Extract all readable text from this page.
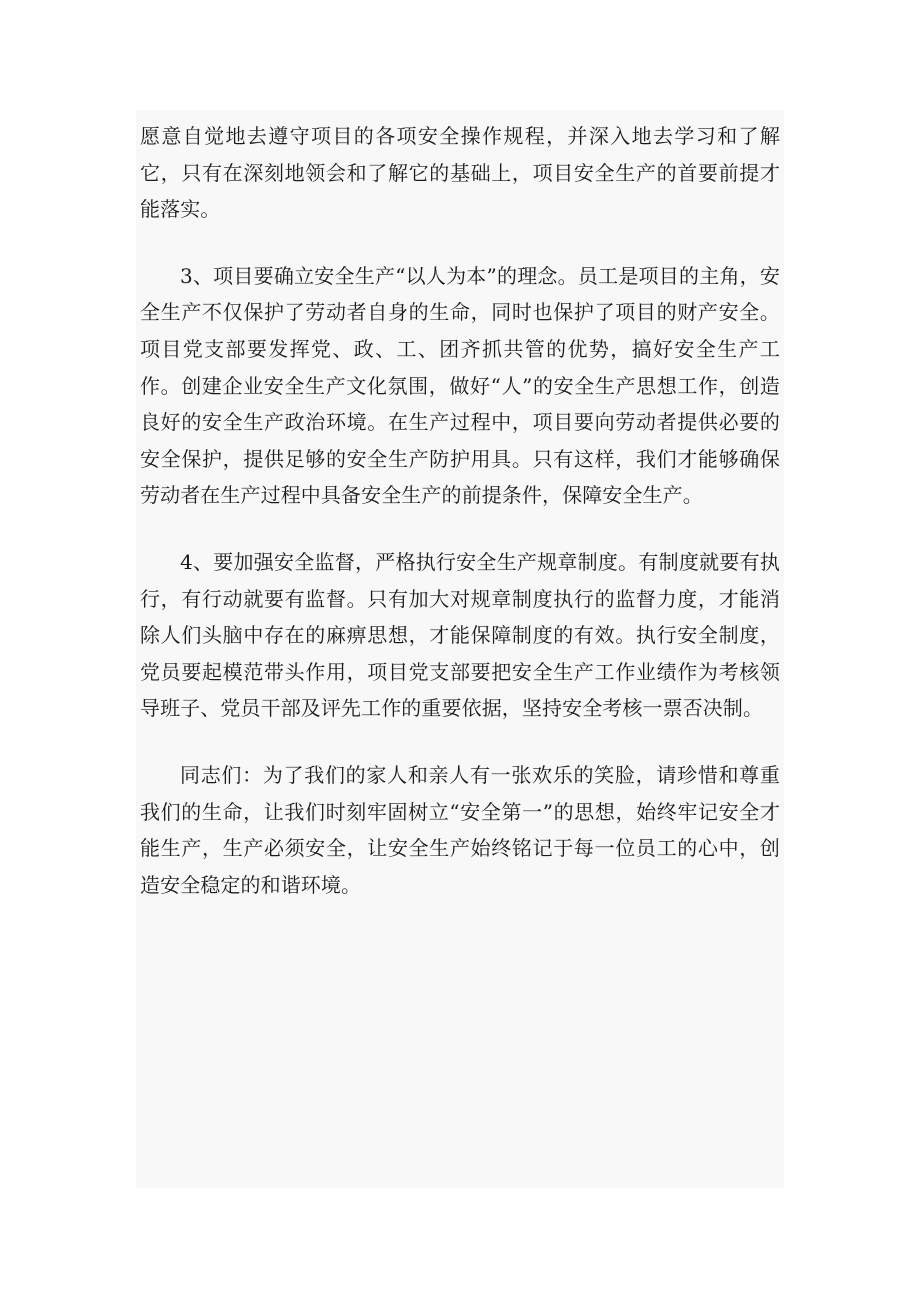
愿意自觉地去遵守项目的各项安全操作规程，并深入地去学习和了解它，只有在深刻地领会和了解它的基础上，项目安全生产的首要前提才能落实。

3、项目要确立安全生产“以人为本”的理念。员工是项目的主角，安全生产不仅保护了劳动者自身的生命，同时也保护了项目的财产安全。项目党支部要发挥党、政、工、团齐抓共管的优势，搞好安全生产工作。创建企业安全生产文化氛围，做好“人”的安全生产思想工作，创造良好的安全生产政治环境。在生产过程中，项目要向劳动者提供必要的安全保护，提供足够的安全生产防护用具。只有这样，我们才能够确保劳动者在生产过程中具备安全生产的前提条件，保障安全生产。

4、要加强安全监督，严格执行安全生产规章制度。有制度就要有执行，有行动就要有监督。只有加大对规章制度执行的监督力度，才能消除人们头脑中存在的麻痹思想，才能保障制度的有效。执行安全制度，党员要起模范带头作用，项目党支部要把安全生产工作业绩作为考核领导班子、党员干部及评先工作的重要依据，坚持安全考核一票否决制。

同志们：为了我们的家人和亲人有一张欢乐的笑脸，请珍惜和尊重我们的生命，让我们时刻牢固树立“安全第一”的思想，始终牢记安全才能生产，生产必须安全，让安全生产始终铭记于每一位员工的心中，创造安全稳定的和谐环境。
